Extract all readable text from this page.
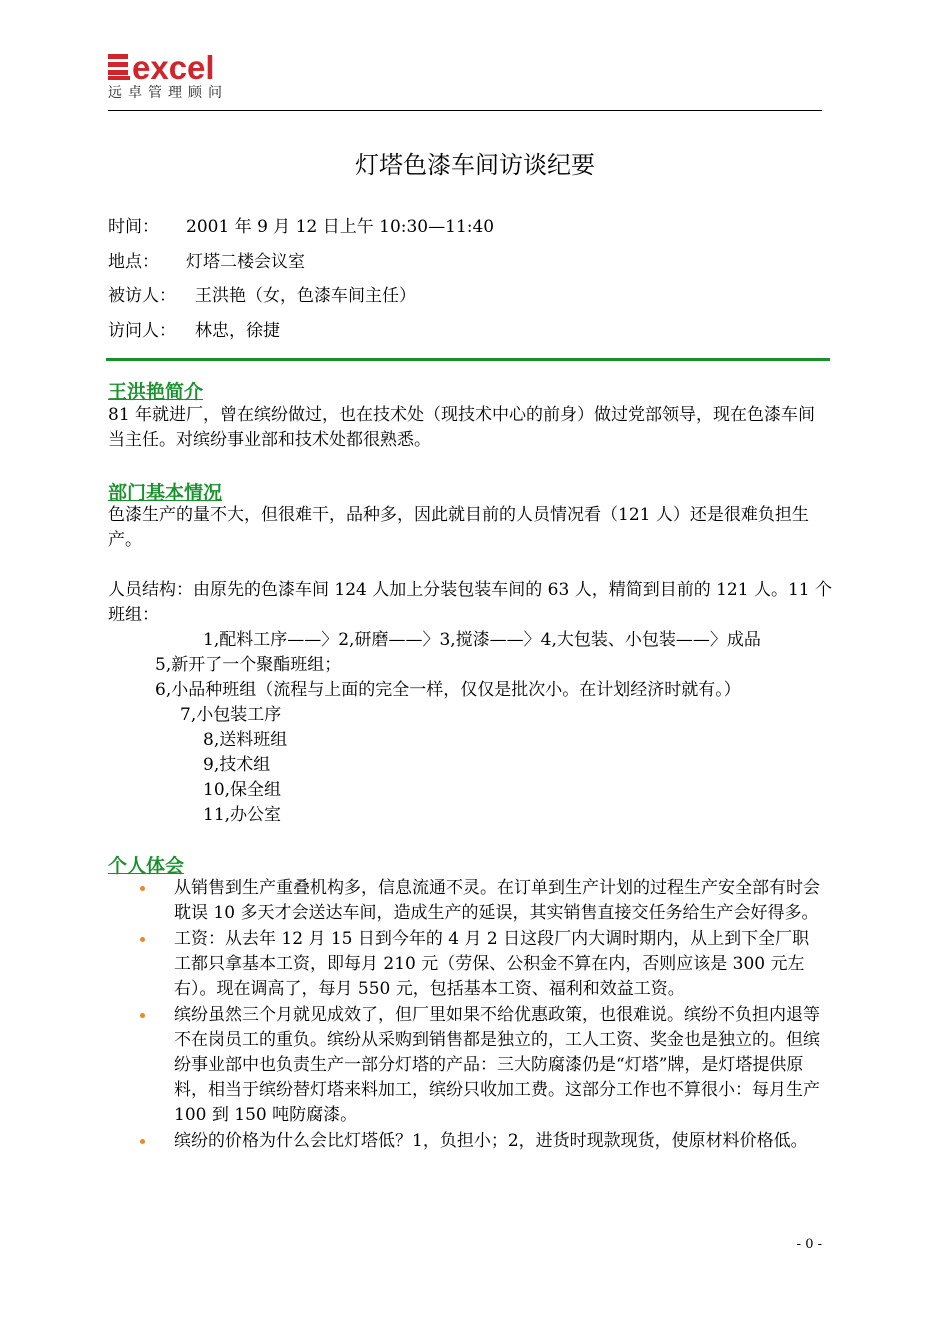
excel
远卓管理顾问
灯塔色漆车间访谈纪要
时间： 2001 年 9 月 12 日上午 10:30—11:40
地点： 灯塔二楼会议室
被访人： 王洪艳（女，色漆车间主任）
访问人： 林忠，徐捷
王洪艳简介
81 年就进厂，曾在缤纷做过，也在技术处（现技术中心的前身）做过党部领导，现在色漆车间当主任。对缤纷事业部和技术处都很熟悉。
部门基本情况
色漆生产的量不大，但很难干，品种多，因此就目前的人员情况看（121 人）还是很难负担生产。
人员结构：由原先的色漆车间 124 人加上分装包装车间的 63 人，精简到目前的 121 人。11 个班组：
1,配料工序——〉2,研磨——〉3,搅漆——〉4,大包装、小包装——〉成品
5,新开了一个聚酯班组；
6,小品种班组（流程与上面的完全一样，仅仅是批次小。在计划经济时就有。）
7,小包装工序
8,送料班组
9,技术组
10,保全组
11,办公室
个人体会
从销售到生产重叠机构多，信息流通不灵。在订单到生产计划的过程生产安全部有时会耽误 10 多天才会送达车间，造成生产的延误，其实销售直接交任务给生产会好得多。
工资：从去年 12 月 15 日到今年的 4 月 2 日这段厂内大调时期内，从上到下全厂职工都只拿基本工资，即每月 210 元（劳保、公积金不算在内，否则应该是 300 元左右）。现在调高了，每月 550 元，包括基本工资、福利和效益工资。
缤纷虽然三个月就见成效了，但厂里如果不给优惠政策，也很难说。缤纷不负担内退等不在岗员工的重负。缤纷从采购到销售都是独立的，工人工资、奖金也是独立的。但缤纷事业部中也负责生产一部分灯塔的产品：三大防腐漆仍是“灯塔”牌，是灯塔提供原料，相当于缤纷替灯塔来料加工，缤纷只收加工费。这部分工作也不算很小：每月生产 100 到 150 吨防腐漆。
缤纷的价格为什么会比灯塔低？1，负担小；2，进货时现款现货，使原材料价格低。
- 0 -
